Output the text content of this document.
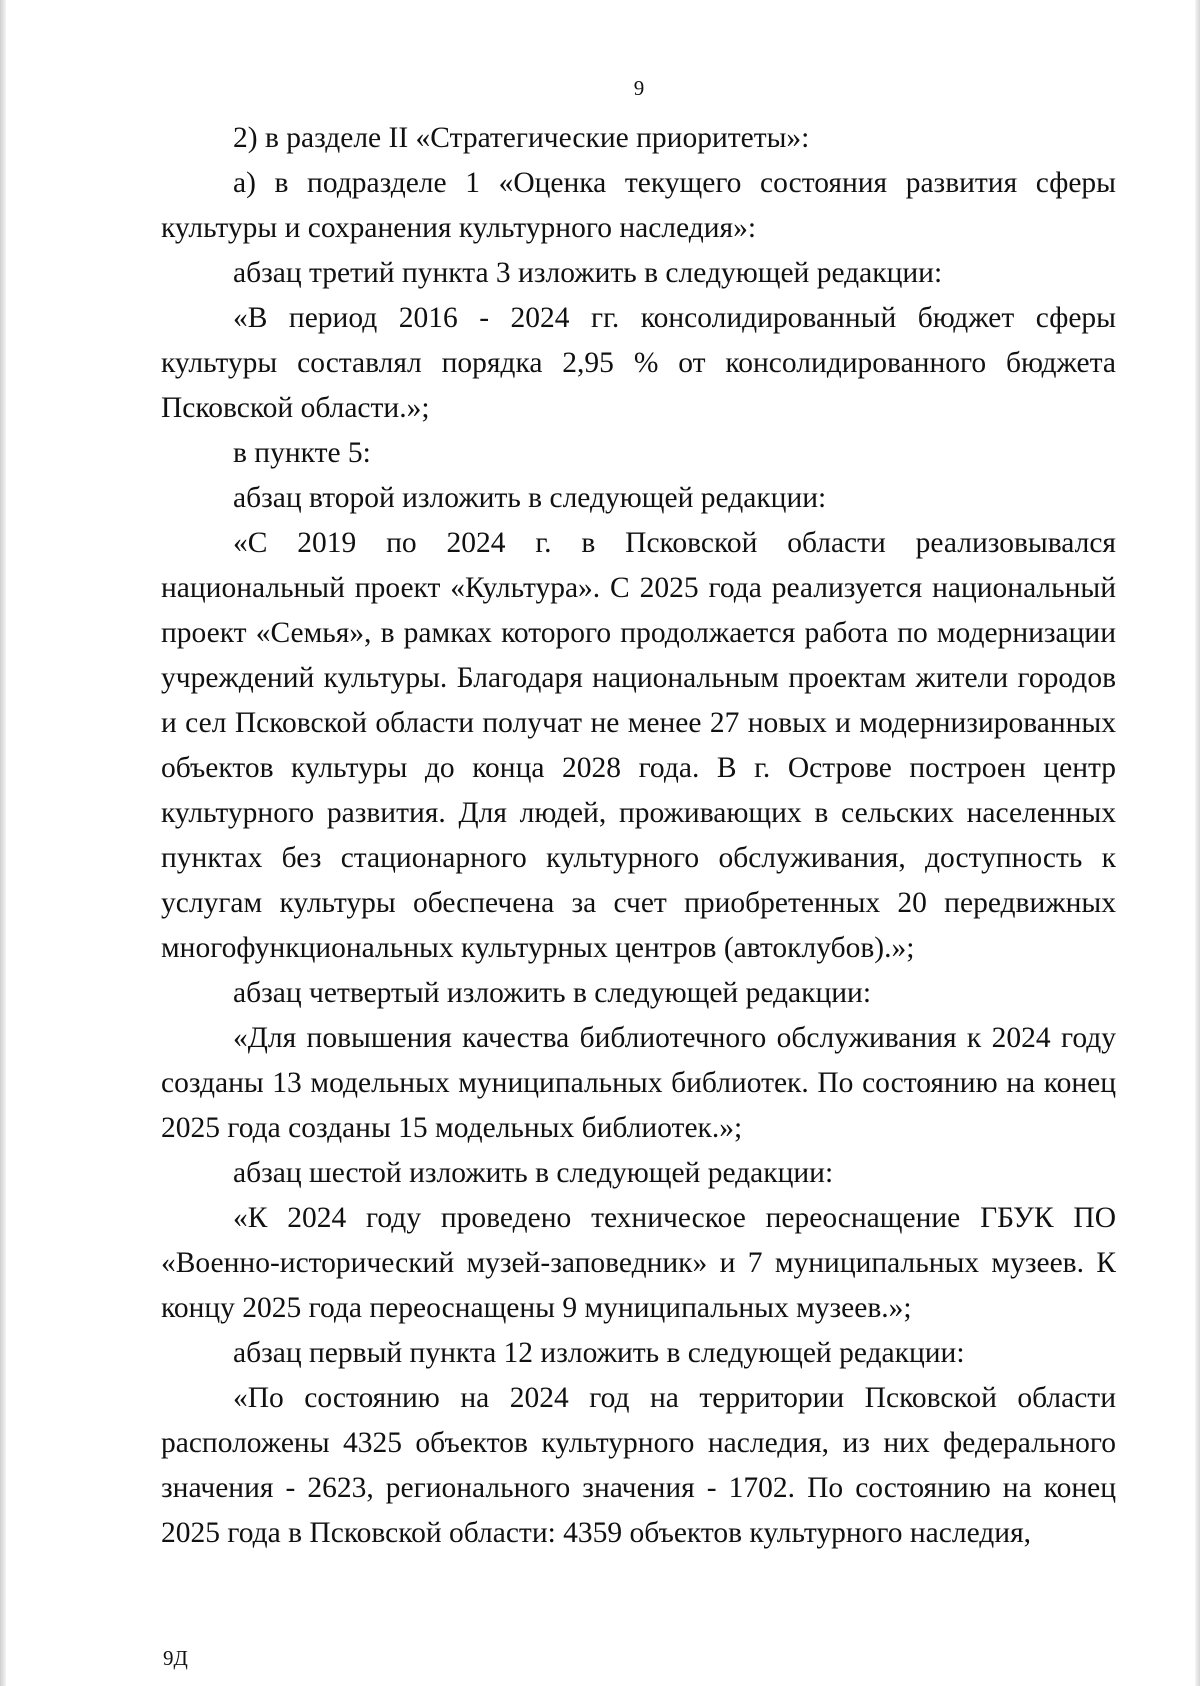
9

2) в разделе II «Стратегические приоритеты»:

а) в подразделе 1 «Оценка текущего состояния развития сферы культуры и сохранения культурного наследия»:

абзац третий пункта 3 изложить в следующей редакции:

«В период 2016 - 2024 гг. консолидированный бюджет сферы культуры составлял порядка 2,95 % от консолидированного бюджета Псковской области.»;

в пункте 5:

абзац второй изложить в следующей редакции:

«С 2019 по 2024 г. в Псковской области реализовывался национальный проект «Культура». С 2025 года реализуется национальный проект «Семья», в рамках которого продолжается работа по модернизации учреждений культуры. Благодаря национальным проектам жители городов и сел Псковской области получат не менее 27 новых и модернизированных объектов культуры до конца 2028 года. В г. Острове построен центр культурного развития. Для людей, проживающих в сельских населенных пунктах без стационарного культурного обслуживания, доступность к услугам культуры обеспечена за счет приобретенных 20 передвижных многофункциональных культурных центров (автоклубов).»;

абзац четвертый изложить в следующей редакции:

«Для повышения качества библиотечного обслуживания к 2024 году созданы 13 модельных муниципальных библиотек. По состоянию на конец 2025 года созданы 15 модельных библиотек.»;

абзац шестой изложить в следующей редакции:

«К 2024 году проведено техническое переоснащение ГБУК ПО «Военно-исторический музей-заповедник» и 7 муниципальных музеев. К концу 2025 года переоснащены 9 муниципальных музеев.»;

абзац первый пункта 12 изложить в следующей редакции:

«По состоянию на 2024 год на территории Псковской области расположены 4325 объектов культурного наследия, из них федерального значения - 2623, регионального значения - 1702. По состоянию на конец 2025 года в Псковской области: 4359 объектов культурного наследия,

9Д
